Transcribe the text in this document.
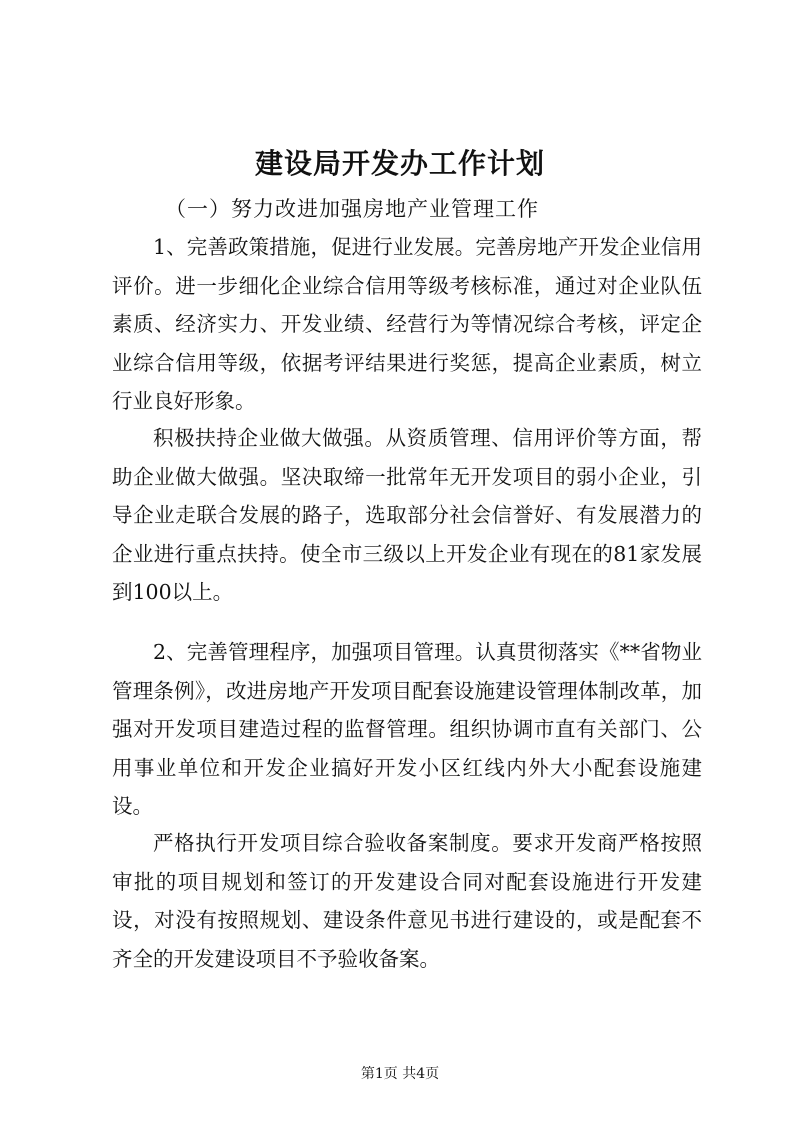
建设局开发办工作计划
（一）努力改进加强房地产业管理工作

1、完善政策措施，促进行业发展。完善房地产开发企业信用评价。进一步细化企业综合信用等级考核标准，通过对企业队伍素质、经济实力、开发业绩、经营行为等情况综合考核，评定企业综合信用等级，依据考评结果进行奖惩，提高企业素质，树立行业良好形象。

积极扶持企业做大做强。从资质管理、信用评价等方面，帮助企业做大做强。坚决取缔一批常年无开发项目的弱小企业，引导企业走联合发展的路子，选取部分社会信誉好、有发展潜力的企业进行重点扶持。使全市三级以上开发企业有现在的81家发展到100以上。

2、完善管理程序，加强项目管理。认真贯彻落实《**省物业管理条例》，改进房地产开发项目配套设施建设管理体制改革，加强对开发项目建造过程的监督管理。组织协调市直有关部门、公用事业单位和开发企业搞好开发小区红线内外大小配套设施建设。

严格执行开发项目综合验收备案制度。要求开发商严格按照审批的项目规划和签订的开发建设合同对配套设施进行开发建设，对没有按照规划、建设条件意见书进行建设的，或是配套不齐全的开发建设项目不予验收备案。

第1页 共4页
